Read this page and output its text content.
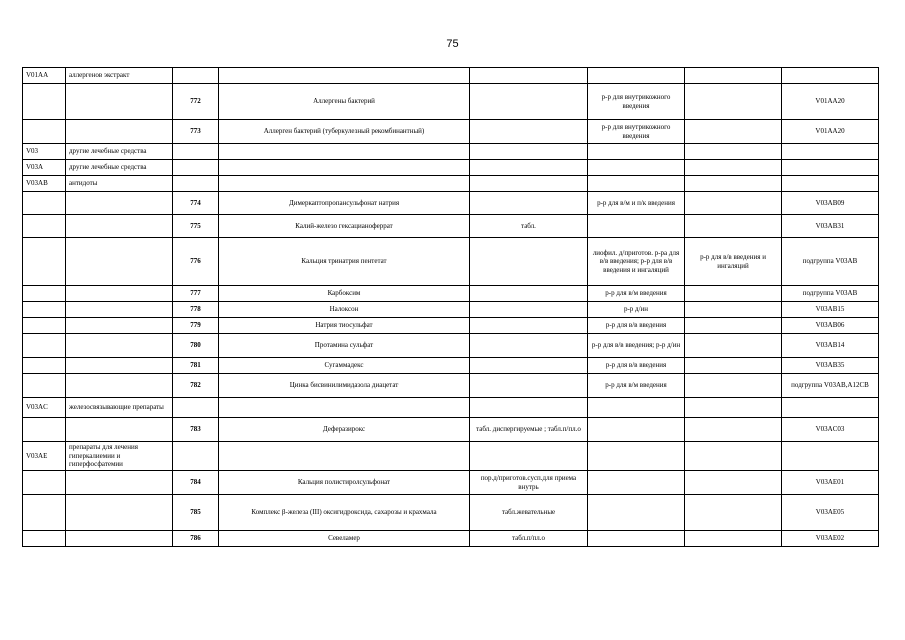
75
V01AA	аллергенов экстракт						
		772	Аллергены бактерий		р-р для внутрикожного введения		V01AA20
		773	Аллерген бактерий (туберкулезный рекомбинантный)		р-р для внутрикожного введения		V01AA20
V03	другие лечебные средства						
V03A	другие лечебные средства						
V03AB	антидоты						
		774	Димеркаптопропансульфонат натрия		р-р для в/м и п/к введения		V03AB09
		775	Калий-железо гексацианоферрат	табл.			V03AB31
		776	Кальция тринатрия пентетат		лиофил. д/приготов. р-ра для в/в введения; р-р для в/в введения и ингаляций	р-р для в/в введения и ингаляций	подгруппа V03AB
		777	Карбоксим		р-р для в/м введения		подгруппа V03AB
		778	Налоксон		р-р д/ин		V03AB15
		779	Натрия тиосульфат		р-р для в/в введения		V03AB06
		780	Протамина сульфат		р-р для в/в введения; р-р д/ин		V03AB14
		781	Сугаммадекс		р-р для в/в введения		V03AB35
		782	Цинка бисвинилимидазола диацетат		р-р для в/м введения		подгруппа V03AB,A12CB
V03AC	железосвязывающие препараты						
		783	Деферазирокс	табл. диспергируемые ; табл.п/пл.о			V03AC03
V03AE	препараты для лечения гиперкалиемии и гиперфосфатемии						
		784	Кальция полистиролсульфонат	пор.д/приготов.сусп.для приема внутрь			V03AE01
		785	Комплекс β-железа (III) оксигидроксида, сахарозы и крахмала	табл.жевательные			V03AE05
		786	Севеламер	табл.п/пл.о			V03AE02
